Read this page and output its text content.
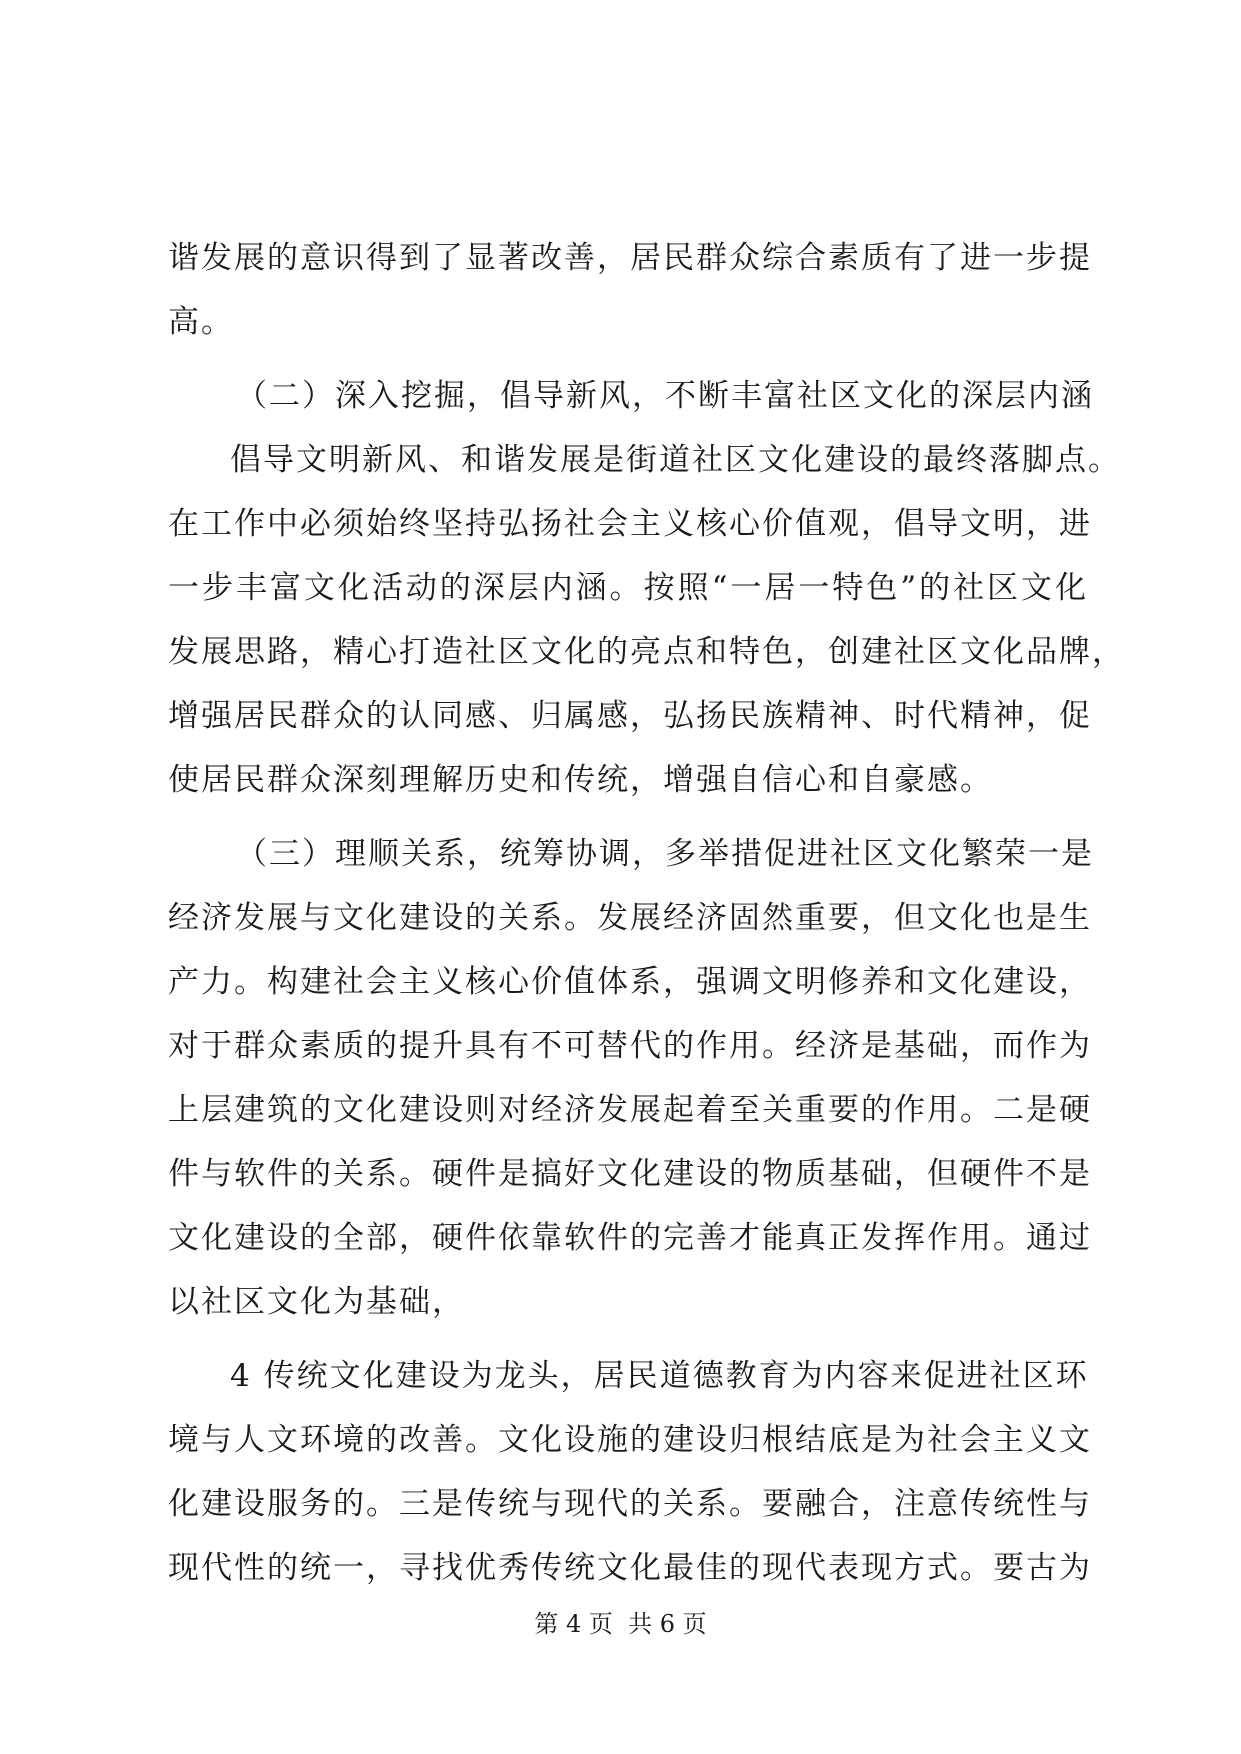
谐发展的意识得到了显著改善，居民群众综合素质有了进一步提
高。
（二）深入挖掘，倡导新风，不断丰富社区文化的深层内涵
倡导文明新风、和谐发展是街道社区文化建设的最终落脚点。
在工作中必须始终坚持弘扬社会主义核心价值观，倡导文明，进
一步丰富文化活动的深层内涵。按照“一居一特色”的社区文化
发展思路，精心打造社区文化的亮点和特色，创建社区文化品牌，
增强居民群众的认同感、归属感，弘扬民族精神、时代精神，促
使居民群众深刻理解历史和传统，增强自信心和自豪感。
（三）理顺关系，统筹协调，多举措促进社区文化繁荣一是
经济发展与文化建设的关系。发展经济固然重要，但文化也是生
产力。构建社会主义核心价值体系，强调文明修养和文化建设，
对于群众素质的提升具有不可替代的作用。经济是基础，而作为
上层建筑的文化建设则对经济发展起着至关重要的作用。二是硬
件与软件的关系。硬件是搞好文化建设的物质基础，但硬件不是
文化建设的全部，硬件依靠软件的完善才能真正发挥作用。通过
以社区文化为基础，
4 传统文化建设为龙头，居民道德教育为内容来促进社区环
境与人文环境的改善。文化设施的建设归根结底是为社会主义文
化建设服务的。三是传统与现代的关系。要融合，注意传统性与
现代性的统一，寻找优秀传统文化最佳的现代表现方式。要古为
第 4 页  共 6 页
